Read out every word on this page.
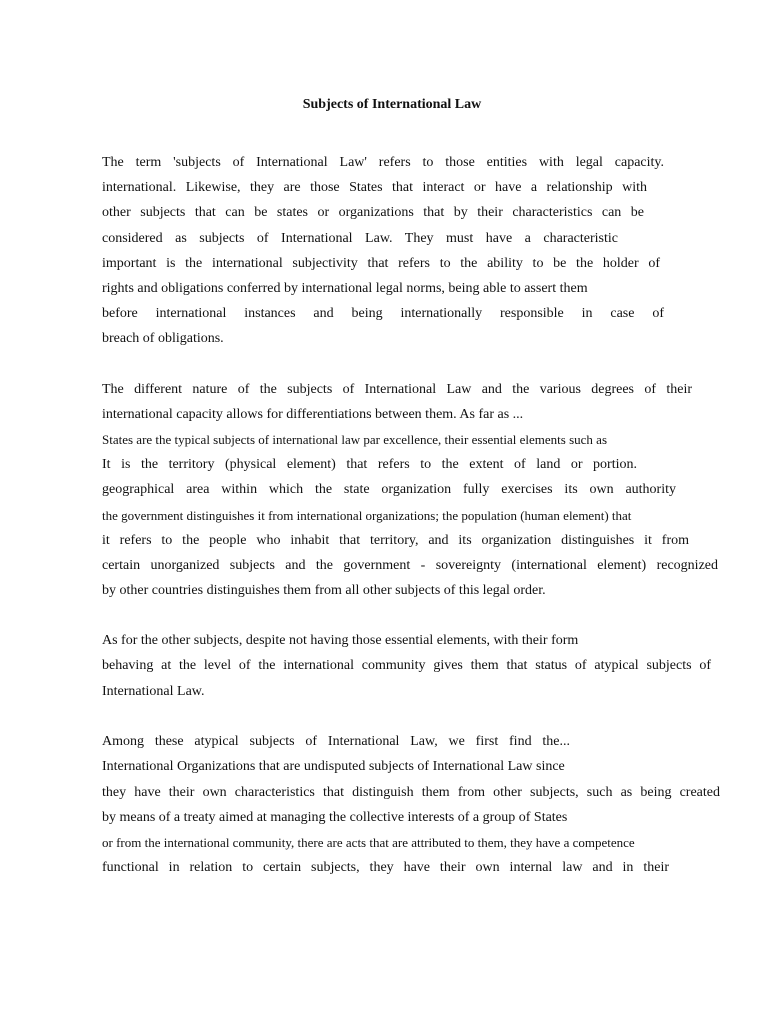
Subjects of International Law
The term 'subjects of International Law' refers to those entities with legal capacity.
international. Likewise, they are those States that interact or have a relationship with
other subjects that can be states or organizations that by their characteristics can be
considered as subjects of International Law. They must have a characteristic
important is the international subjectivity that refers to the ability to be the holder of
rights and obligations conferred by international legal norms, being able to assert them
before international instances and being internationally responsible in case of
breach of obligations.
The different nature of the subjects of International Law and the various degrees of their
international capacity allows for differentiations between them. As far as ...
States are the typical subjects of international law par excellence, their essential elements such as
It is the territory (physical element) that refers to the extent of land or portion.
geographical area within which the state organization fully exercises its own authority
the government distinguishes it from international organizations; the population (human element) that
it refers to the people who inhabit that territory, and its organization distinguishes it from
certain unorganized subjects and the government - sovereignty (international element) recognized
by other countries distinguishes them from all other subjects of this legal order.
As for the other subjects, despite not having those essential elements, with their form
behaving at the level of the international community gives them that status of atypical subjects of
International Law.
Among these atypical subjects of International Law, we first find the...
International Organizations that are undisputed subjects of International Law since
they have their own characteristics that distinguish them from other subjects, such as being created
by means of a treaty aimed at managing the collective interests of a group of States
or from the international community, there are acts that are attributed to them, they have a competence
functional in relation to certain subjects, they have their own internal law and in their
